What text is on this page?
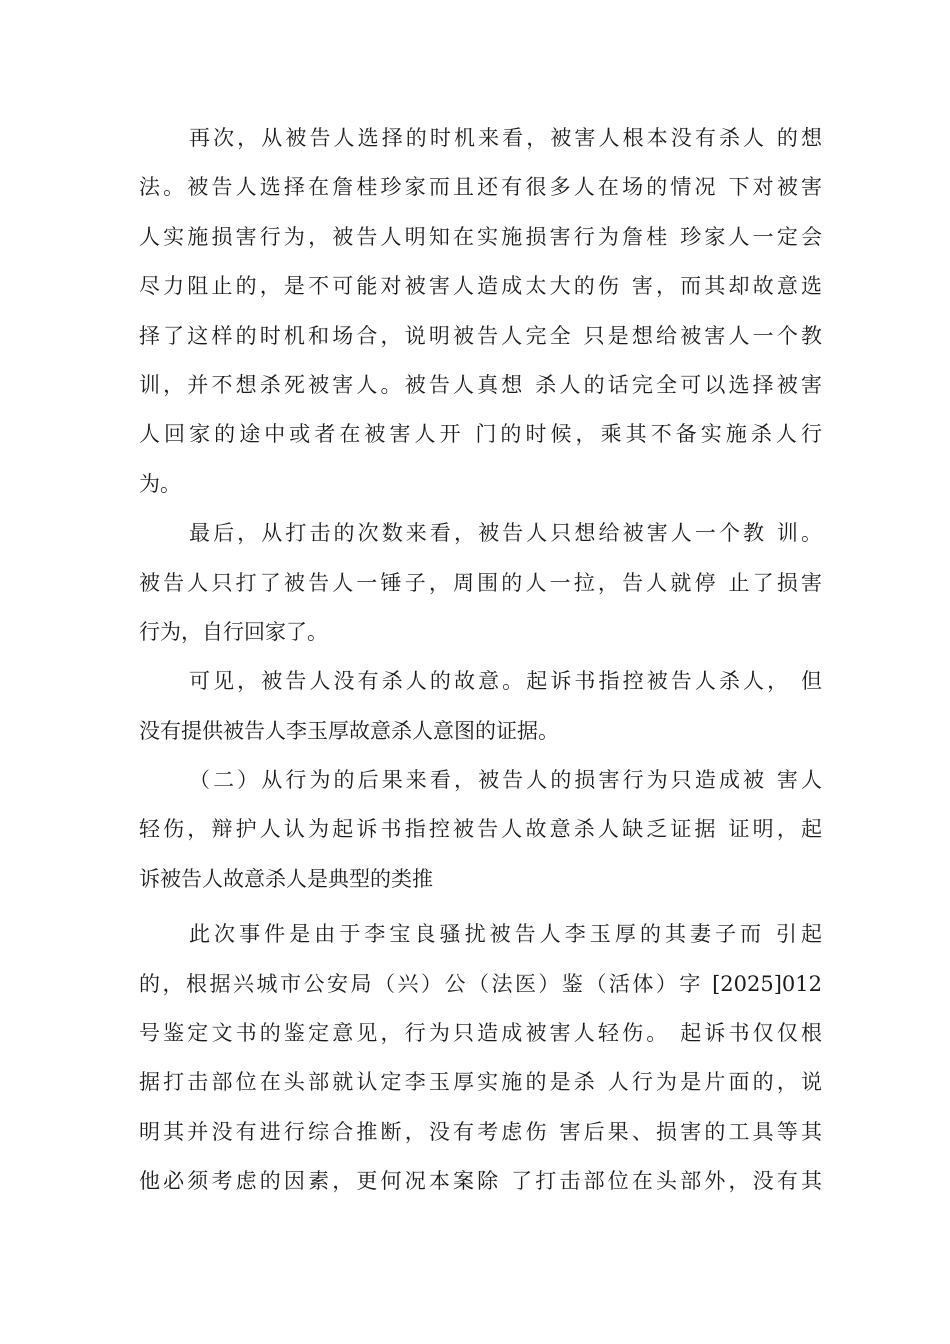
再次，从被告人选择的时机来看，被害人根本没有杀人 的想
法。被告人选择在詹桂珍家而且还有很多人在场的情况 下对被害
人实施损害行为，被告人明知在实施损害行为詹桂 珍家人一定会
尽力阻止的，是不可能对被害人造成太大的伤 害，而其却故意选
择了这样的时机和场合，说明被告人完全 只是想给被害人一个教
训，并不想杀死被害人。被告人真想 杀人的话完全可以选择被害
人回家的途中或者在被害人开 门的时候，乘其不备实施杀人行
为。
最后，从打击的次数来看，被告人只想给被害人一个教 训。
被告人只打了被告人一锤子，周围的人一拉，告人就停 止了损害
行为，自行回家了。
可见，被告人没有杀人的故意。起诉书指控被告人杀人， 但
没有提供被告人李玉厚故意杀人意图的证据。
（二）从行为的后果来看，被告人的损害行为只造成被 害人
轻伤，辩护人认为起诉书指控被告人故意杀人缺乏证据 证明，起
诉被告人故意杀人是典型的类推
此次事件是由于李宝良骚扰被告人李玉厚的其妻子而 引起
的，根据兴城市公安局（兴）公（法医）鉴（活体）字 [2025]012
号鉴定文书的鉴定意见，行为只造成被害人轻伤。 起诉书仅仅根
据打击部位在头部就认定李玉厚实施的是杀 人行为是片面的，说
明其并没有进行综合推断，没有考虑伤 害后果、损害的工具等其
他必须考虑的因素，更何况本案除 了打击部位在头部外，没有其
